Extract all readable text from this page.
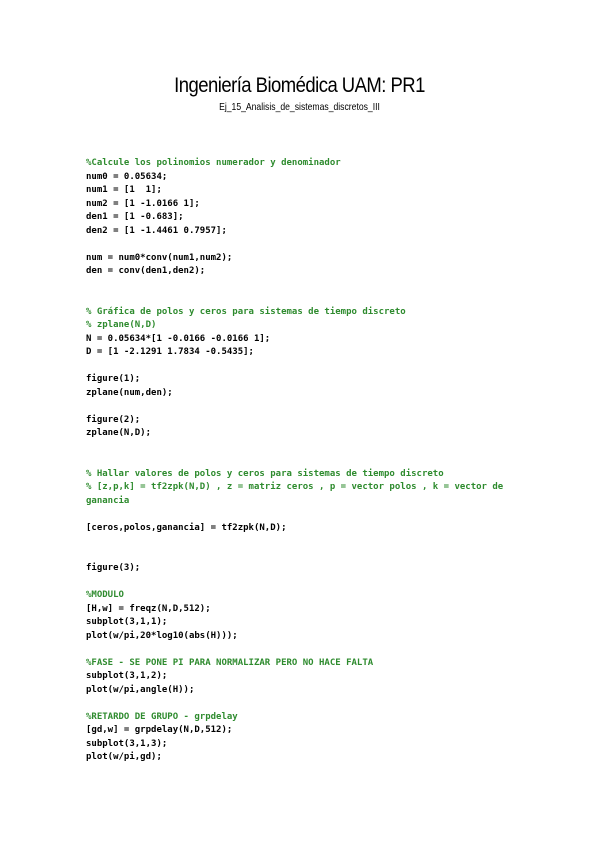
Ingeniería Biomédica UAM: PR1
Ej_15_Analisis_de_sistemas_discretos_III
%Calcule los polinomios numerador y denominador
num0 = 0.05634;
num1 = [1  1];
num2 = [1 -1.0166 1];
den1 = [1 -0.683];
den2 = [1 -1.4461 0.7957];
num = num0*conv(num1,num2);
den = conv(den1,den2);
% Gráfica de polos y ceros para sistemas de tiempo discreto
% zplane(N,D)
N = 0.05634*[1 -0.0166 -0.0166 1];
D = [1 -2.1291 1.7834 -0.5435];
figure(1);
zplane(num,den);
figure(2);
zplane(N,D);
% Hallar valores de polos y ceros para sistemas de tiempo discreto
% [z,p,k] = tf2zpk(N,D) , z = matriz ceros , p = vector polos , k = vector de ganancia
[ceros,polos,ganancia] = tf2zpk(N,D);
figure(3);
%MODULO
[H,w] = freqz(N,D,512);
subplot(3,1,1);
plot(w/pi,20*log10(abs(H)));
%FASE - SE PONE PI PARA NORMALIZAR PERO NO HACE FALTA
subplot(3,1,2);
plot(w/pi,angle(H));
%RETARDO DE GRUPO - grpdelay
[gd,w] = grpdelay(N,D,512);
subplot(3,1,3);
plot(w/pi,gd);
